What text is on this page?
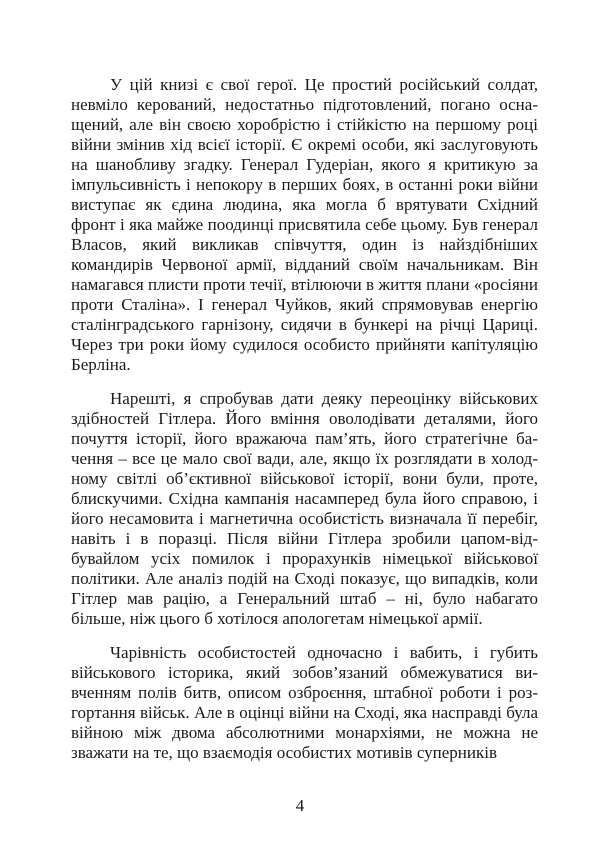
У цій книзі є свої герої. Це простий російський солдат, невміло керований, недостатньо підготовлений, погано оснащений, але він своєю хоробрістю і стійкістю на першому році війни змінив хід всієї історії. Є окремі особи, які заслуговують на шанобливу згадку. Генерал Гудеріан, якого я критикую за імпульсивність і непокору в перших боях, в останні роки війни виступає як єдина людина, яка могла б врятувати Східний фронт і яка майже поодинці присвятила себе цьому. Був генерал Власов, який викликав співчуття, один із найздібніших командирів Червоної армії, відданий своїм начальникам. Він намагався плисти проти течії, втілюючи в життя плани «росіяни проти Сталіна». І генерал Чуйков, який спрямовував енергію сталінградського гарнізону, сидячи в бункері на річці Цариці. Через три роки йому судилося особисто прийняти капітуляцію Берліна.

Нарешті, я спробував дати деяку переоцінку військових здібностей Гітлера. Його вміння оволодівати деталями, його почуття історії, його вражаюча пам’ять, його стратегічне бачення – все це мало свої вади, але, якщо їх розглядати в холодному світлі об’єктивної військової історії, вони були, проте, блискучими. Східна кампанія насамперед була його справою, і його несамовита і магнетична особистість визначала її перебіг, навіть і в поразці. Після війни Гітлера зробили цапом-відбувайлом усіх помилок і прорахунків німецької військової політики. Але аналіз подій на Сході показує, що випадків, коли Гітлер мав рацію, а Генеральний штаб – ні, було набагато більше, ніж цього б хотілося апологетам німецької армії.

Чарівність особистостей одночасно і вабить, і губить військового історика, який зобов’язаний обмежуватися вивченням полів битв, описом озброєння, штабної роботи і розгортання військ. Але в оцінці війни на Сході, яка насправді була війною між двома абсолютними монархіями, не можна не зважати на те, що взаємодія особистих мотивів суперників

4
